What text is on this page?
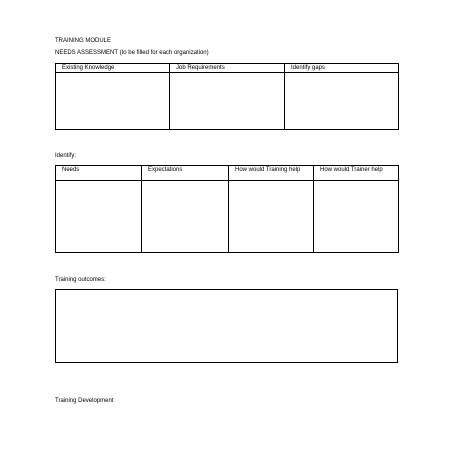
TRAINING MODULE
NEEDS ASSESSMENT (to be filled for each organization)
Existing Knowledge	Job Requirements	Identify gaps

Identify:
Needs	Expectations	How would Training help	How would Trainer help

Training outcomes:
Training Development
